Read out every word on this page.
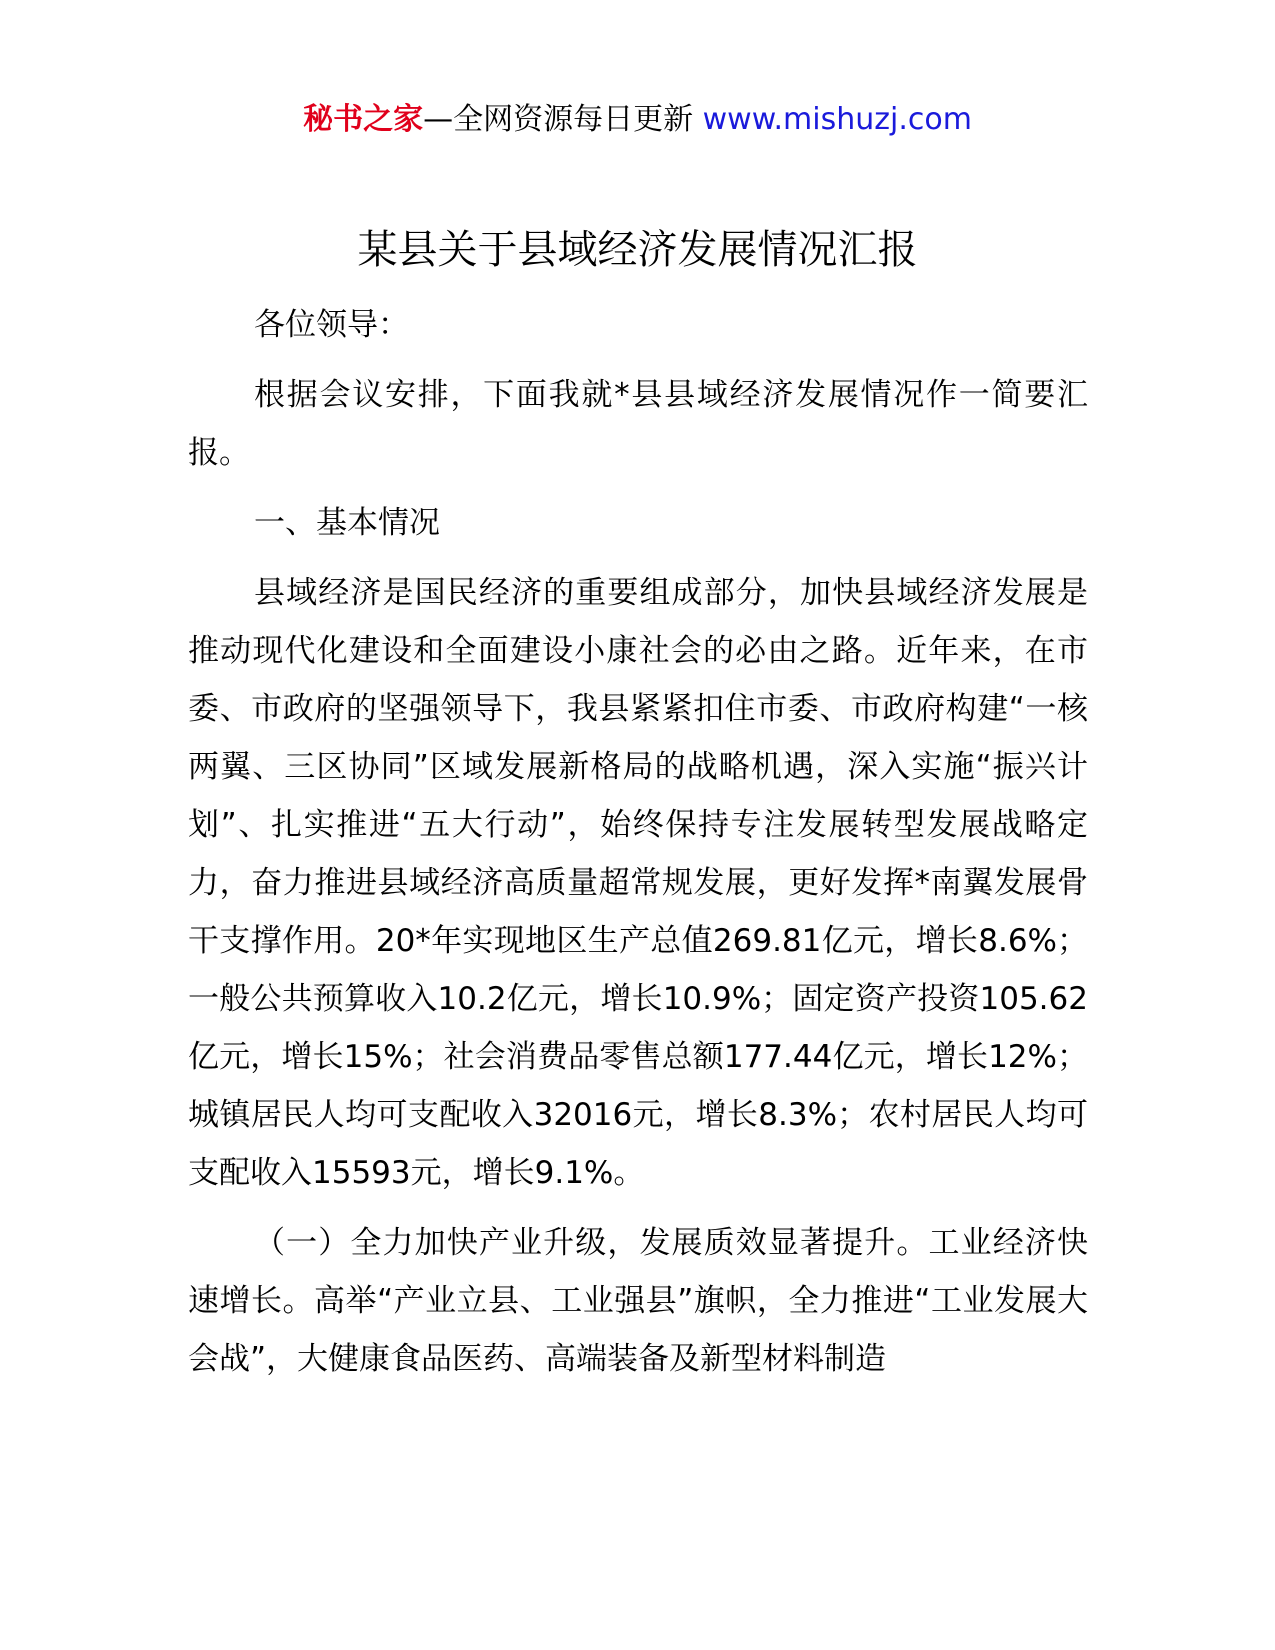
秘书之家—全网资源每日更新 www.mishuzj.com
某县关于县域经济发展情况汇报

各位领导：

根据会议安排，下面我就*县县域经济发展情况作一简要汇报。

一、基本情况

县域经济是国民经济的重要组成部分，加快县域经济发展是推动现代化建设和全面建设小康社会的必由之路。近年来，在市委、市政府的坚强领导下，我县紧紧扣住市委、市政府构建“一核两翼、三区协同”区域发展新格局的战略机遇，深入实施“振兴计划”、扎实推进“五大行动”，始终保持专注发展转型发展战略定力，奋力推进县域经济高质量超常规发展，更好发挥*南翼发展骨干支撑作用。20*年实现地区生产总值269.81亿元，增长8.6%；一般公共预算收入10.2亿元，增长10.9%；固定资产投资105.62亿元，增长15%；社会消费品零售总额177.44亿元，增长12%；城镇居民人均可支配收入32016元，增长8.3%；农村居民人均可支配收入15593元，增长9.1%。

（一）全力加快产业升级，发展质效显著提升。工业经济快速增长。高举“产业立县、工业强县”旗帜，全力推进“工业发展大会战”，大健康食品医药、高端装备及新型材料制造
